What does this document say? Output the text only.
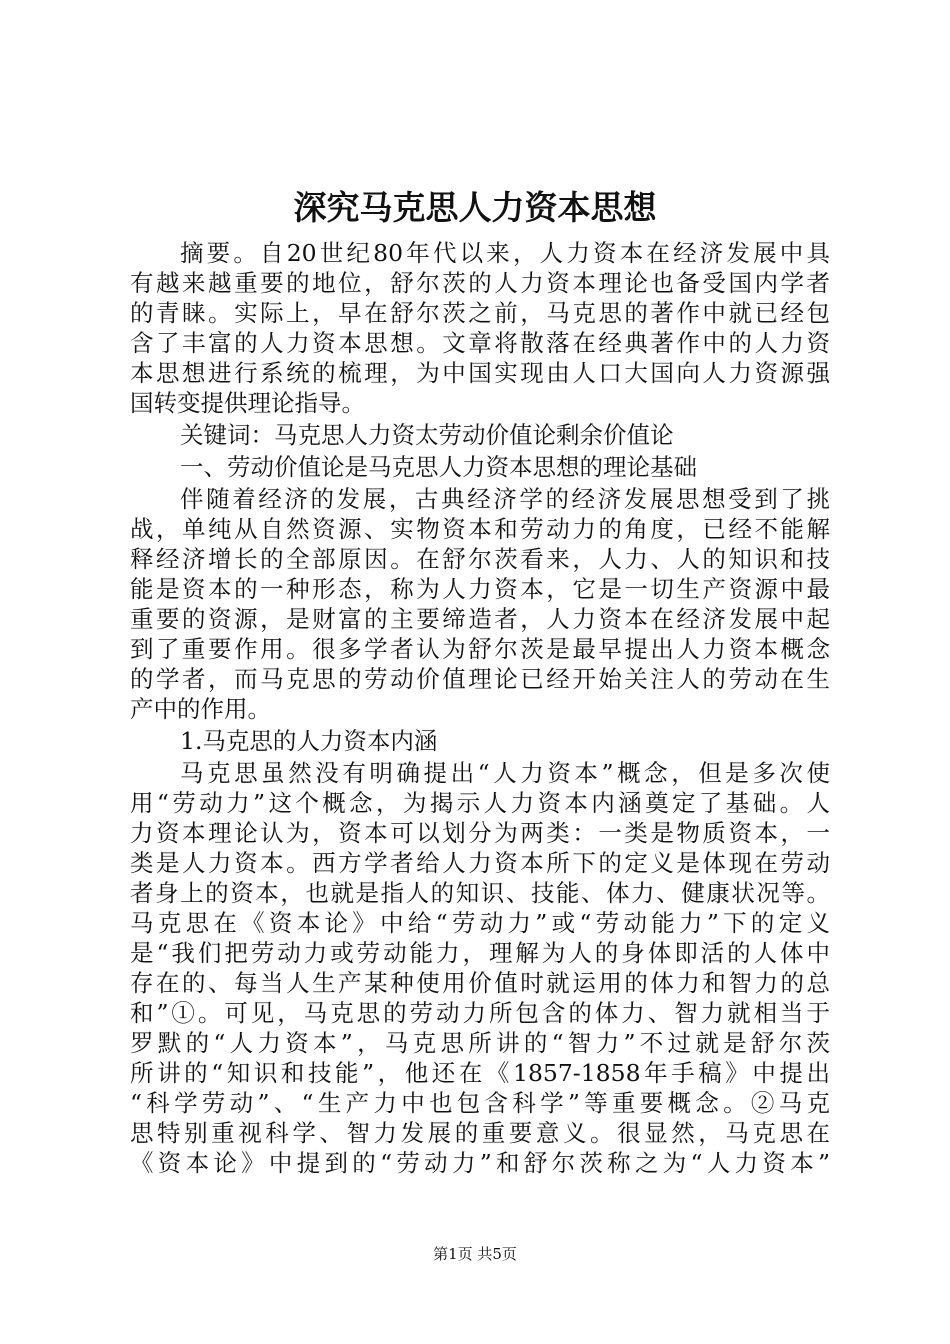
深究马克思人力资本思想
摘要。自20世纪80年代以来，人力资本在经济发展中具
有越来越重要的地位，舒尔茨的人力资本理论也备受国内学者
的青睐。实际上，早在舒尔茨之前，马克思的著作中就已经包
含了丰富的人力资本思想。文章将散落在经典著作中的人力资
本思想进行系统的梳理，为中国实现由人口大国向人力资源强
国转变提供理论指导。
关键词：马克思人力资太劳动价值论剩余价值论
一、劳动价值论是马克思人力资本思想的理论基础
伴随着经济的发展，古典经济学的经济发展思想受到了挑
战，单纯从自然资源、实物资本和劳动力的角度，已经不能解
释经济增长的全部原因。在舒尔茨看来，人力、人的知识和技
能是资本的一种形态，称为人力资本，它是一切生产资源中最
重要的资源，是财富的主要缔造者，人力资本在经济发展中起
到了重要作用。很多学者认为舒尔茨是最早提出人力资本概念
的学者，而马克思的劳动价值理论已经开始关注人的劳动在生
产中的作用。
1.马克思的人力资本内涵
马克思虽然没有明确提出“人力资本”概念，但是多次使
用“劳动力”这个概念，为揭示人力资本内涵奠定了基础。人
力资本理论认为，资本可以划分为两类：一类是物质资本，一
类是人力资本。西方学者给人力资本所下的定义是体现在劳动
者身上的资本，也就是指人的知识、技能、体力、健康状况等。
马克思在《资本论》中给“劳动力”或“劳动能力”下的定义
是“我们把劳动力或劳动能力，理解为人的身体即活的人体中
存在的、每当人生产某种使用价值时就运用的体力和智力的总
和”①。可见，马克思的劳动力所包含的体力、智力就相当于
罗默的“人力资本”，马克思所讲的“智力”不过就是舒尔茨
所讲的“知识和技能”，他还在《1857-1858年手稿》中提出
“科学劳动”、“生产力中也包含科学”等重要概念。②马克
思特别重视科学、智力发展的重要意义。很显然，马克思在
《资本论》中提到的“劳动力”和舒尔茨称之为“人力资本”
第1页 共5页
